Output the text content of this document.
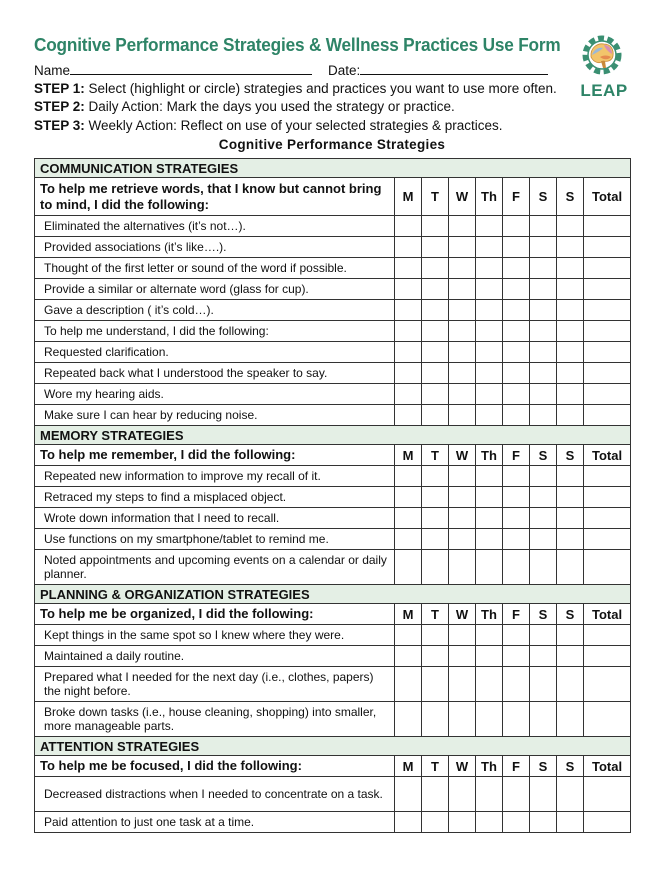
Cognitive Performance Strategies & Wellness Practices Use Form
LEAP
Name	Date:
STEP 1: Select (highlight or circle) strategies and practices you want to use more often.
STEP 2: Daily Action: Mark the days you used the strategy or practice.
STEP 3: Weekly Action: Reflect on use of your selected strategies & practices.
Cognitive Performance Strategies
COMMUNICATION STRATEGIES								
To help me retrieve words, that I know but cannot bring to mind, I did the following:	M	T	W	Th	F	S	S	Total
Eliminated the alternatives (it’s not…).								
Provided associations (it’s like….).								
Thought of the first letter or sound of the word if possible.								
Provide a similar or alternate word (glass for cup).								
Gave a description ( it’s cold…).								
To help me understand, I did the following:								
Requested clarification.								
Repeated back what I understood the speaker to say.								
Wore my hearing aids.								
Make sure I can hear by reducing noise.								
MEMORY STRATEGIES								
To help me remember, I did the following:	M	T	W	Th	F	S	S	Total
Repeated new information to improve my recall of it.								
Retraced my steps to find a misplaced object.								
Wrote down information that I need to recall.								
Use functions on my smartphone/tablet to remind me.								
Noted appointments and upcoming events on a calendar or daily planner.								
PLANNING & ORGANIZATION STRATEGIES								
To help me be organized, I did the following:	M	T	W	Th	F	S	S	Total
Kept things in the same spot so I knew where they were.								
Maintained a daily routine.								
Prepared what I needed for the next day (i.e., clothes, papers) the night before.								
Broke down tasks (i.e., house cleaning, shopping) into smaller, more manageable parts.								
ATTENTION STRATEGIES								
To help me be focused, I did the following:	M	T	W	Th	F	S	S	Total
Decreased distractions when I needed to concentrate on a task.								
Paid attention to just one task at a time.								
